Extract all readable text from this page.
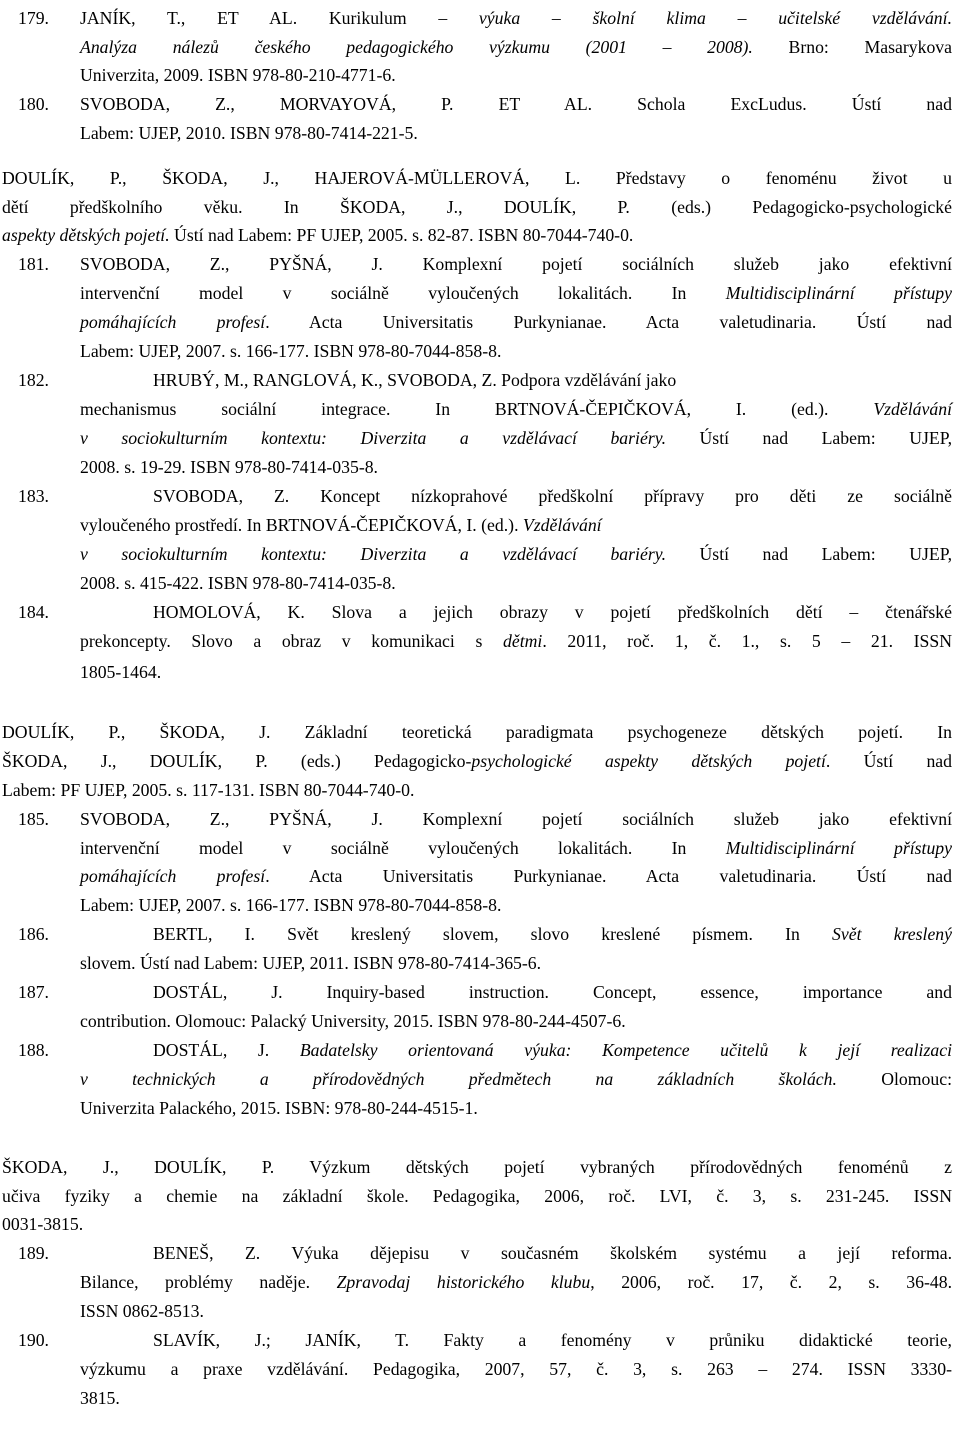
179. JANÍK, T., ET AL. Kurikulum – výuka – školní klima – učitelské vzdělávání.
Analýza nálezů českého pedagogického výzkumu (2001 – 2008). Brno: Masarykova
Univerzita, 2009. ISBN 978-80-210-4771-6.
180. SVOBODA, Z., MORVAYOVÁ, P. ET AL. Schola ExcLudus. Ústí nad
Labem: UJEP, 2010. ISBN 978-80-7414-221-5.
DOULÍK, P., ŠKODA, J., HAJEROVÁ-MÜLLEROVÁ, L. Představy o fenoménu život u
dětí předškolního věku. In ŠKODA, J., DOULÍK, P. (eds.) Pedagogicko-psychologické
aspekty dětských pojetí. Ústí nad Labem: PF UJEP, 2005. s. 82-87. ISBN 80-7044-740-0.
181. SVOBODA, Z., PYŠNÁ, J. Komplexní pojetí sociálních služeb jako efektivní
intervenční model v sociálně vyloučených lokalitách. In Multidisciplinární přístupy
pomáhajících profesí. Acta Universitatis Purkynianae. Acta valetudinaria. Ústí nad
Labem: UJEP, 2007. s. 166-177. ISBN 978-80-7044-858-8.
182.	HRUBÝ, M., RANGLOVÁ, K., SVOBODA, Z. Podpora vzdělávání jako
mechanismus sociální integrace. In BRTNOVÁ-ČEPIČKOVÁ, I. (ed.). Vzdělávání
v sociokulturním kontextu: Diverzita a vzdělávací bariéry. Ústí nad Labem: UJEP,
2008. s. 19-29. ISBN 978-80-7414-035-8.
183.	SVOBODA, Z. Koncept nízkoprahové předškolní přípravy pro děti ze sociálně
vyloučeného prostředí. In BRTNOVÁ-ČEPIČKOVÁ, I. (ed.). Vzdělávání
v sociokulturním kontextu: Diverzita a vzdělávací bariéry. Ústí nad Labem: UJEP,
2008. s. 415-422. ISBN 978-80-7414-035-8.
184.	HOMOLOVÁ, K. Slova a jejich obrazy v pojetí předškolních dětí – čtenářské
prekoncepty. Slovo a obraz v komunikaci s dětmi. 2011, roč. 1, č. 1., s. 5 – 21. ISSN
1805-1464.
DOULÍK, P., ŠKODA, J. Základní teoretická paradigmata psychogeneze dětských pojetí. In
ŠKODA, J., DOULÍK, P. (eds.) Pedagogicko-psychologické aspekty dětských pojetí. Ústí nad
Labem: PF UJEP, 2005. s. 117-131. ISBN 80-7044-740-0.
185. SVOBODA, Z., PYŠNÁ, J. Komplexní pojetí sociálních služeb jako efektivní
intervenční model v sociálně vyloučených lokalitách. In Multidisciplinární přístupy
pomáhajících profesí. Acta Universitatis Purkynianae. Acta valetudinaria. Ústí nad
Labem: UJEP, 2007. s. 166-177. ISBN 978-80-7044-858-8.
186.	BERTL, I. Svět kreslený slovem, slovo kreslené písmem. In Svět kreslený
slovem. Ústí nad Labem: UJEP, 2011. ISBN 978-80-7414-365-6.
187.	DOSTÁL, J. Inquiry-based instruction. Concept, essence, importance and
contribution. Olomouc: Palacký University, 2015. ISBN 978-80-244-4507-6.
188.	DOSTÁL, J. Badatelsky orientovaná výuka: Kompetence učitelů k její realizaci
v technických a přírodovědných předmětech na základních školách. Olomouc:
Univerzita Palackého, 2015. ISBN: 978-80-244-4515-1.
ŠKODA, J., DOULÍK, P. Výzkum dětských pojetí vybraných přírodovědných fenoménů z
učiva fyziky a chemie na základní škole. Pedagogika, 2006, roč. LVI, č. 3, s. 231-245. ISSN
0031-3815.
189.	BENEŠ, Z. Výuka dějepisu v současném školském systému a její reforma.
Bilance, problémy naděje. Zpravodaj historického klubu, 2006, roč. 17, č. 2, s. 36-48.
ISSN 0862-8513.
SLAVÍK, J.; JANÍK, T. Fakty a fenomény v průniku didaktické teorie,
190.
výzkumu a praxe vzdělávání. Pedagogika, 2007, 57, č. 3, s. 263 – 274. ISSN 3330-
3815.
